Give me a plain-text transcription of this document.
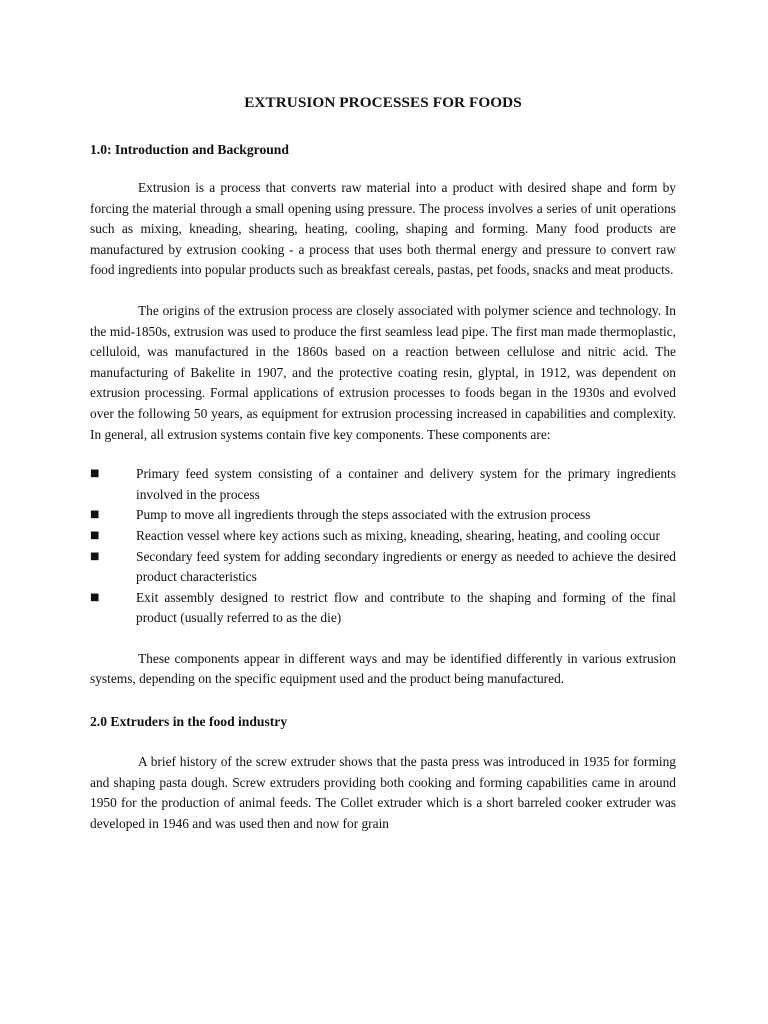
EXTRUSION PROCESSES FOR FOODS
1.0: Introduction and Background

Extrusion is a process that converts raw material into a product with desired shape and form by forcing the material through a small opening using pressure. The process involves a series of unit operations such as mixing, kneading, shearing, heating, cooling, shaping and forming. Many food products are manufactured by extrusion cooking - a process that uses both thermal energy and pressure to convert raw food ingredients into popular products such as breakfast cereals, pastas, pet foods, snacks and meat products.

The origins of the extrusion process are closely associated with polymer science and technology. In the mid-1850s, extrusion was used to produce the first seamless lead pipe. The first man made thermoplastic, celluloid, was manufactured in the 1860s based on a reaction between cellulose and nitric acid. The manufacturing of Bakelite in 1907, and the protective coating resin, glyptal, in 1912, was dependent on extrusion processing. Formal applications of extrusion processes to foods began in the 1930s and evolved over the following 50 years, as equipment for extrusion processing increased in capabilities and complexity. In general, all extrusion systems contain five key components. These components are:

■	Primary feed system consisting of a container and delivery system for the primary ingredients involved in the process
■	Pump to move all ingredients through the steps associated with the extrusion process
■	Reaction vessel where key actions such as mixing, kneading, shearing, heating, and cooling occur
■	Secondary feed system for adding secondary ingredients or energy as needed to achieve the desired product characteristics
■	Exit assembly designed to restrict flow and contribute to the shaping and forming of the final product (usually referred to as the die)

These components appear in different ways and may be identified differently in various extrusion systems, depending on the specific equipment used and the product being manufactured.

2.0 Extruders in the food industry

A brief history of the screw extruder shows that the pasta press was introduced in 1935 for forming and shaping pasta dough. Screw extruders providing both cooking and forming capabilities came in around 1950 for the production of animal feeds. The Collet extruder which is a short barreled cooker extruder was developed in 1946 and was used then and now for grain
